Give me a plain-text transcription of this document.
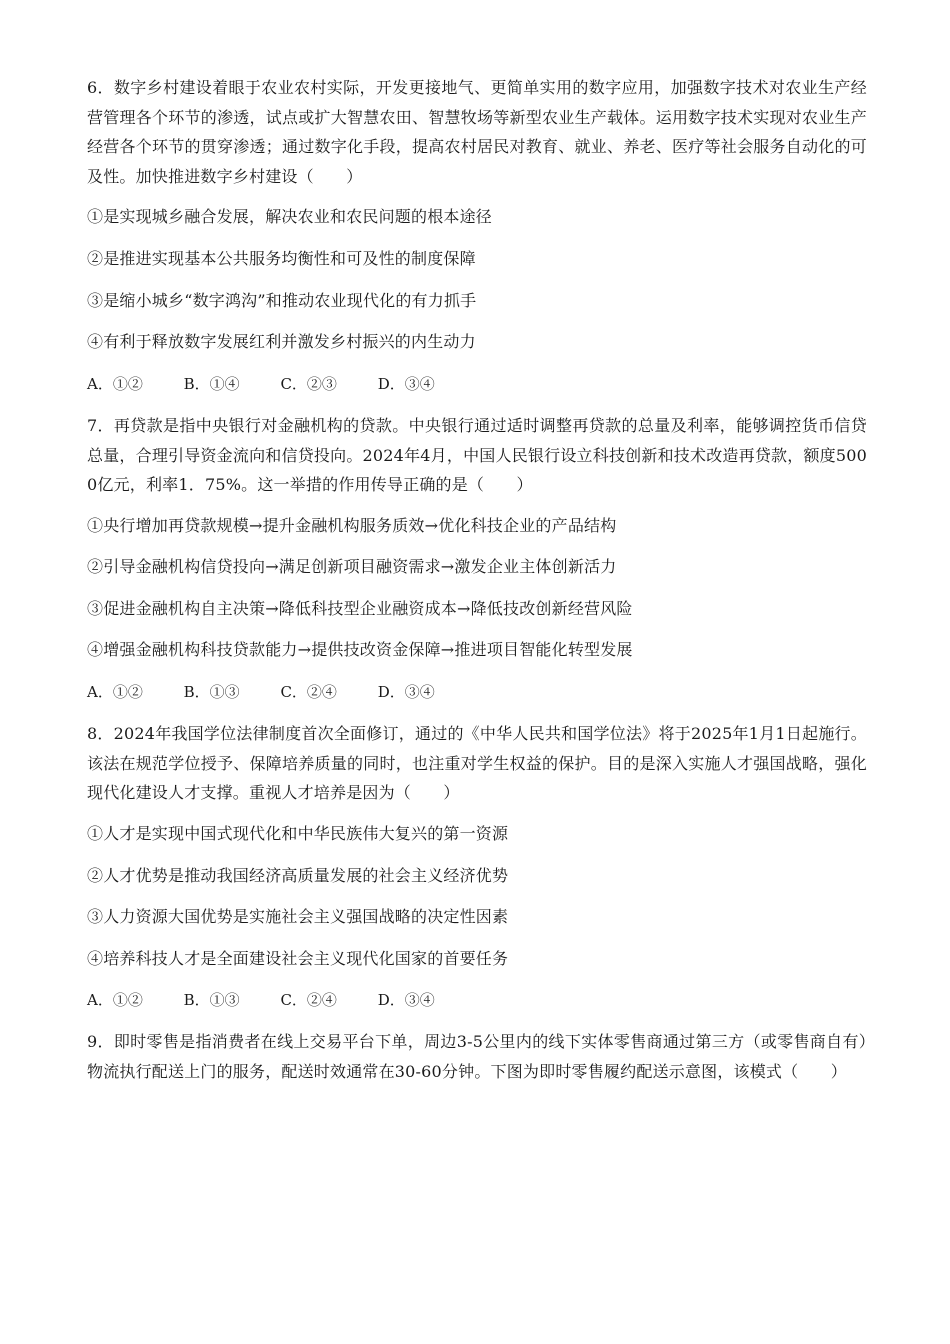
6．数字乡村建设着眼于农业农村实际，开发更接地气、更简单实用的数字应用，加强数字技术对农业生产经营管理各个环节的渗透，试点或扩大智慧农田、智慧牧场等新型农业生产载体。运用数字技术实现对农业生产经营各个环节的贯穿渗透；通过数字化手段，提高农村居民对教育、就业、养老、医疗等社会服务自动化的可及性。加快推进数字乡村建设（　　）
①是实现城乡融合发展，解决农业和农民问题的根本途径
②是推进实现基本公共服务均衡性和可及性的制度保障
③是缩小城乡“数字鸿沟”和推动农业现代化的有力抓手
④有利于释放数字发展红利并激发乡村振兴的内生动力
A．①②	B．①④	C．②③	D．③④
7．再贷款是指中央银行对金融机构的贷款。中央银行通过适时调整再贷款的总量及利率，能够调控货币信贷总量，合理引导资金流向和信贷投向。2024年4月，中国人民银行设立科技创新和技术改造再贷款，额度5000亿元，利率1．75%。这一举措的作用传导正确的是（　　）
①央行增加再贷款规模→提升金融机构服务质效→优化科技企业的产品结构
②引导金融机构信贷投向→满足创新项目融资需求→激发企业主体创新活力
③促进金融机构自主决策→降低科技型企业融资成本→降低技改创新经营风险
④增强金融机构科技贷款能力→提供技改资金保障→推进项目智能化转型发展
A．①②	B．①③	C．②④	D．③④
8．2024年我国学位法律制度首次全面修订，通过的《中华人民共和国学位法》将于2025年1月1日起施行。该法在规范学位授予、保障培养质量的同时，也注重对学生权益的保护。目的是深入实施人才强国战略，强化现代化建设人才支撑。重视人才培养是因为（　　）
①人才是实现中国式现代化和中华民族伟大复兴的第一资源
②人才优势是推动我国经济高质量发展的社会主义经济优势
③人力资源大国优势是实施社会主义强国战略的决定性因素
④培养科技人才是全面建设社会主义现代化国家的首要任务
A．①②	B．①③	C．②④	D．③④
9．即时零售是指消费者在线上交易平台下单，周边3-5公里内的线下实体零售商通过第三方（或零售商自有）物流执行配送上门的服务，配送时效通常在30-60分钟。下图为即时零售履约配送示意图，该模式（　　）
